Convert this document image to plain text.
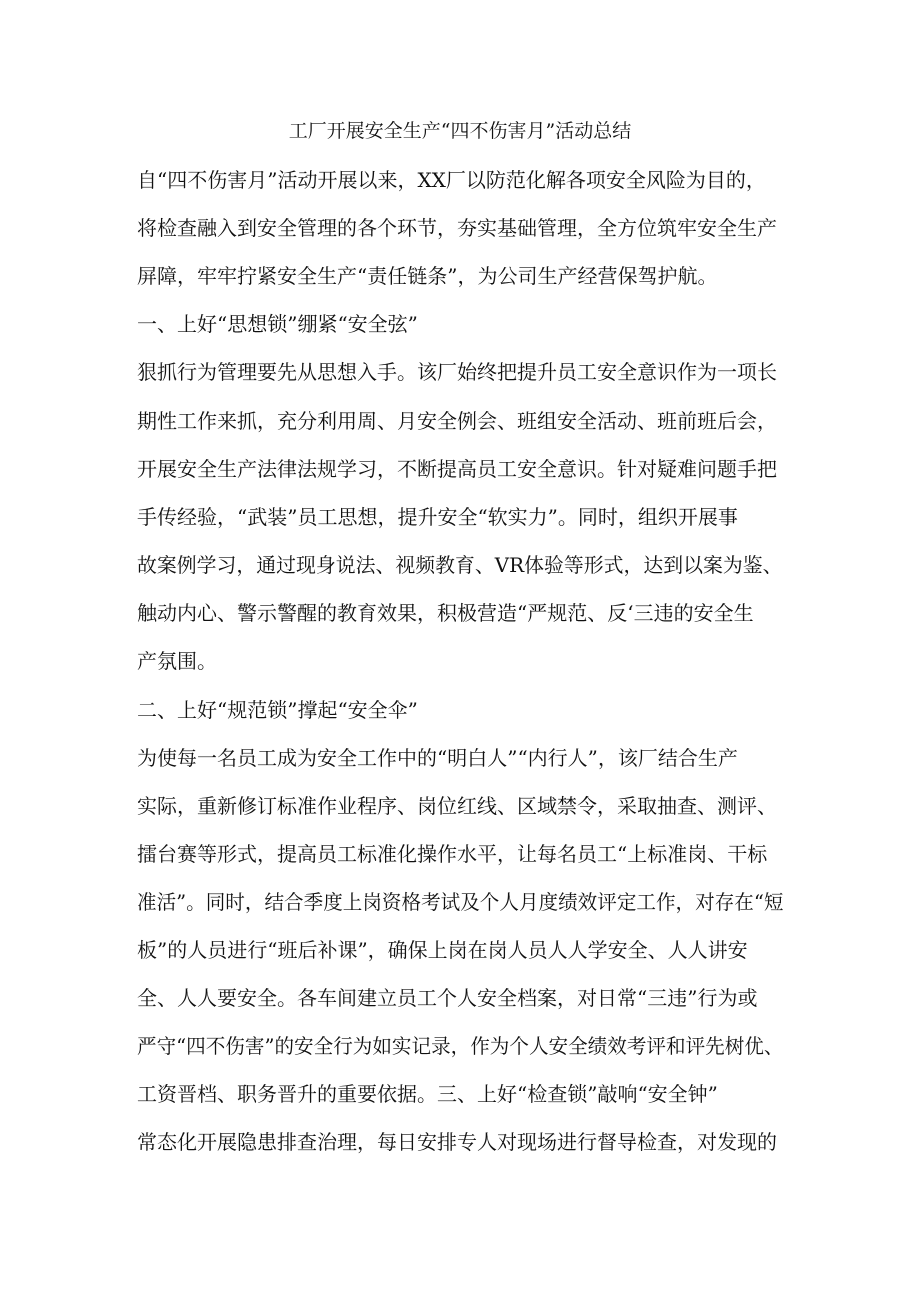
工厂开展安全生产“四不伤害月”活动总结
自“四不伤害月”活动开展以来，XX厂以防范化解各项安全风险为目的，
将检查融入到安全管理的各个环节，夯实基础管理，全方位筑牢安全生产
屏障，牢牢拧紧安全生产“责任链条”，为公司生产经营保驾护航。
一、上好“思想锁”绷紧“安全弦”
狠抓行为管理要先从思想入手。该厂始终把提升员工安全意识作为一项长
期性工作来抓，充分利用周、月安全例会、班组安全活动、班前班后会，
开展安全生产法律法规学习，不断提高员工安全意识。针对疑难问题手把
手传经验，“武装”员工思想，提升安全“软实力”。同时，组织开展事
故案例学习，通过现身说法、视频教育、VR体验等形式，达到以案为鉴、
触动内心、警示警醒的教育效果，积极营造“严规范、反‘三违的安全生
产氛围。
二、上好“规范锁”撑起“安全伞”
为使每一名员工成为安全工作中的“明白人”“内行人”，该厂结合生产
实际，重新修订标准作业程序、岗位红线、区域禁令，采取抽查、测评、
擂台赛等形式，提高员工标准化操作水平，让每名员工“上标准岗、干标
准活”。同时，结合季度上岗资格考试及个人月度绩效评定工作，对存在“短
板”的人员进行“班后补课”，确保上岗在岗人员人人学安全、人人讲安
全、人人要安全。各车间建立员工个人安全档案，对日常“三违”行为或
严守“四不伤害”的安全行为如实记录，作为个人安全绩效考评和评先树优、
工资晋档、职务晋升的重要依据。三、上好“检查锁”敲响“安全钟”
常态化开展隐患排查治理，每日安排专人对现场进行督导检查，对发现的
